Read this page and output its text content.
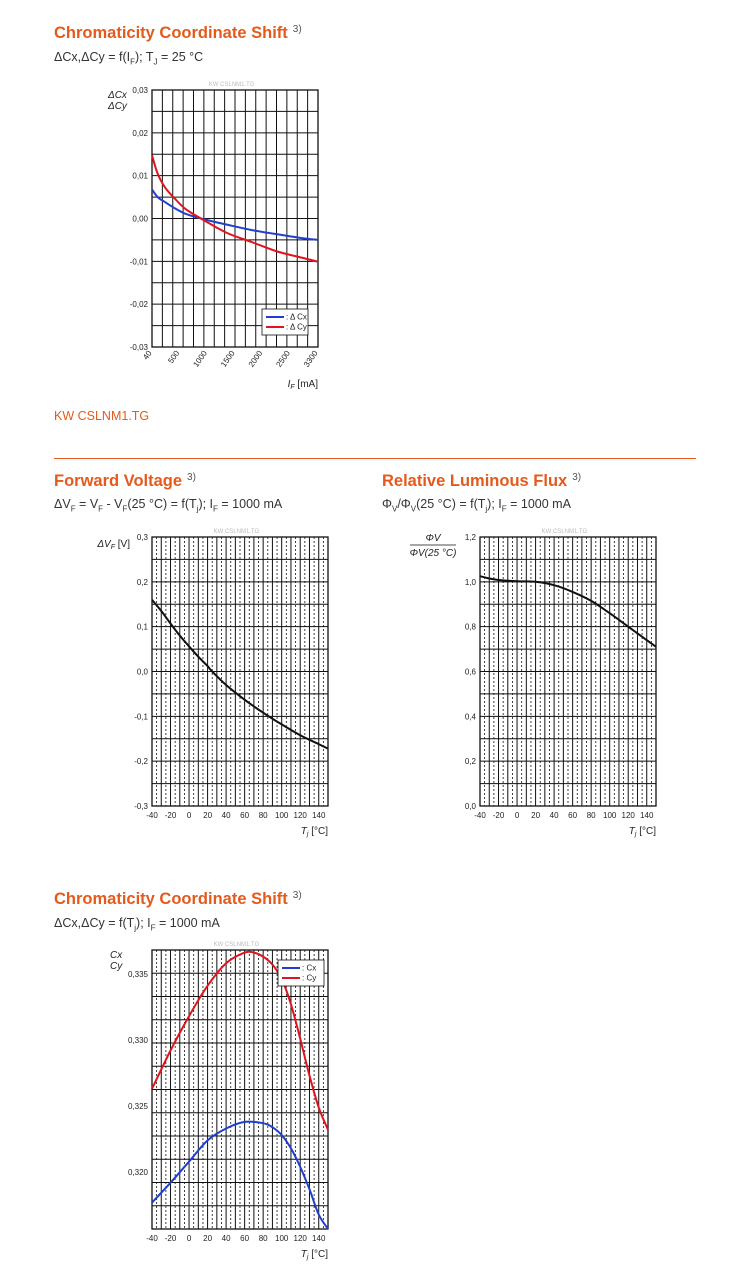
Chromaticity Coordinate Shift $^{3)}$
$\Delta Cx,\Delta Cy = f(I_F)$; $T_J = 25$ °C
KW CSLNM1.TG
Forward Voltage $^{3)}$
$\Delta V_F = V_F - V_F(25$ $^\circ C) = f(T_j)$; $I_F = 1000$ mA
Relative Luminous Flux $^{3)}$
$\Phi_V/\Phi_V(25$ $^\circ C) = f(T_j)$; $I_F = 1000$ mA
Chromaticity Coordinate Shift $^{3)}$
$\Delta Cx,\Delta Cy = f(T_j)$; $I_F = 1000$ mA
KW CSLNM1.TG
0,03
0,02
0,01
0,00
-0,01
-0,02
-0,03
40 500 1000 1500 2000 2500 3300
$I_F$ [mA]
ΔCx
ΔCy
: Δ Cx
: Δ Cy
KW CSLNM1.TG
0,3
0,2
0,1
0,0
-0,1
-0,2
-0,3
-40 -20 0 20 40 60 80 100 120 140
$T_j$ [°C]
$\Delta V_F$ [V]
KW CSLNM1.TG
1,2
1,0
0,8
0,6
0,4
0,2
0,0
-40 -20 0 20 40 60 80 100 120 140
$T_j$ [°C]
ΦV
ΦV(25 °C)
KW CSLNM1.TG
0,335
0,330
0,325
0,320
-40 -20 0 20 40 60 80 100 120 140
$T_j$ [°C]
Cx
Cy	: Cx
: Cy
